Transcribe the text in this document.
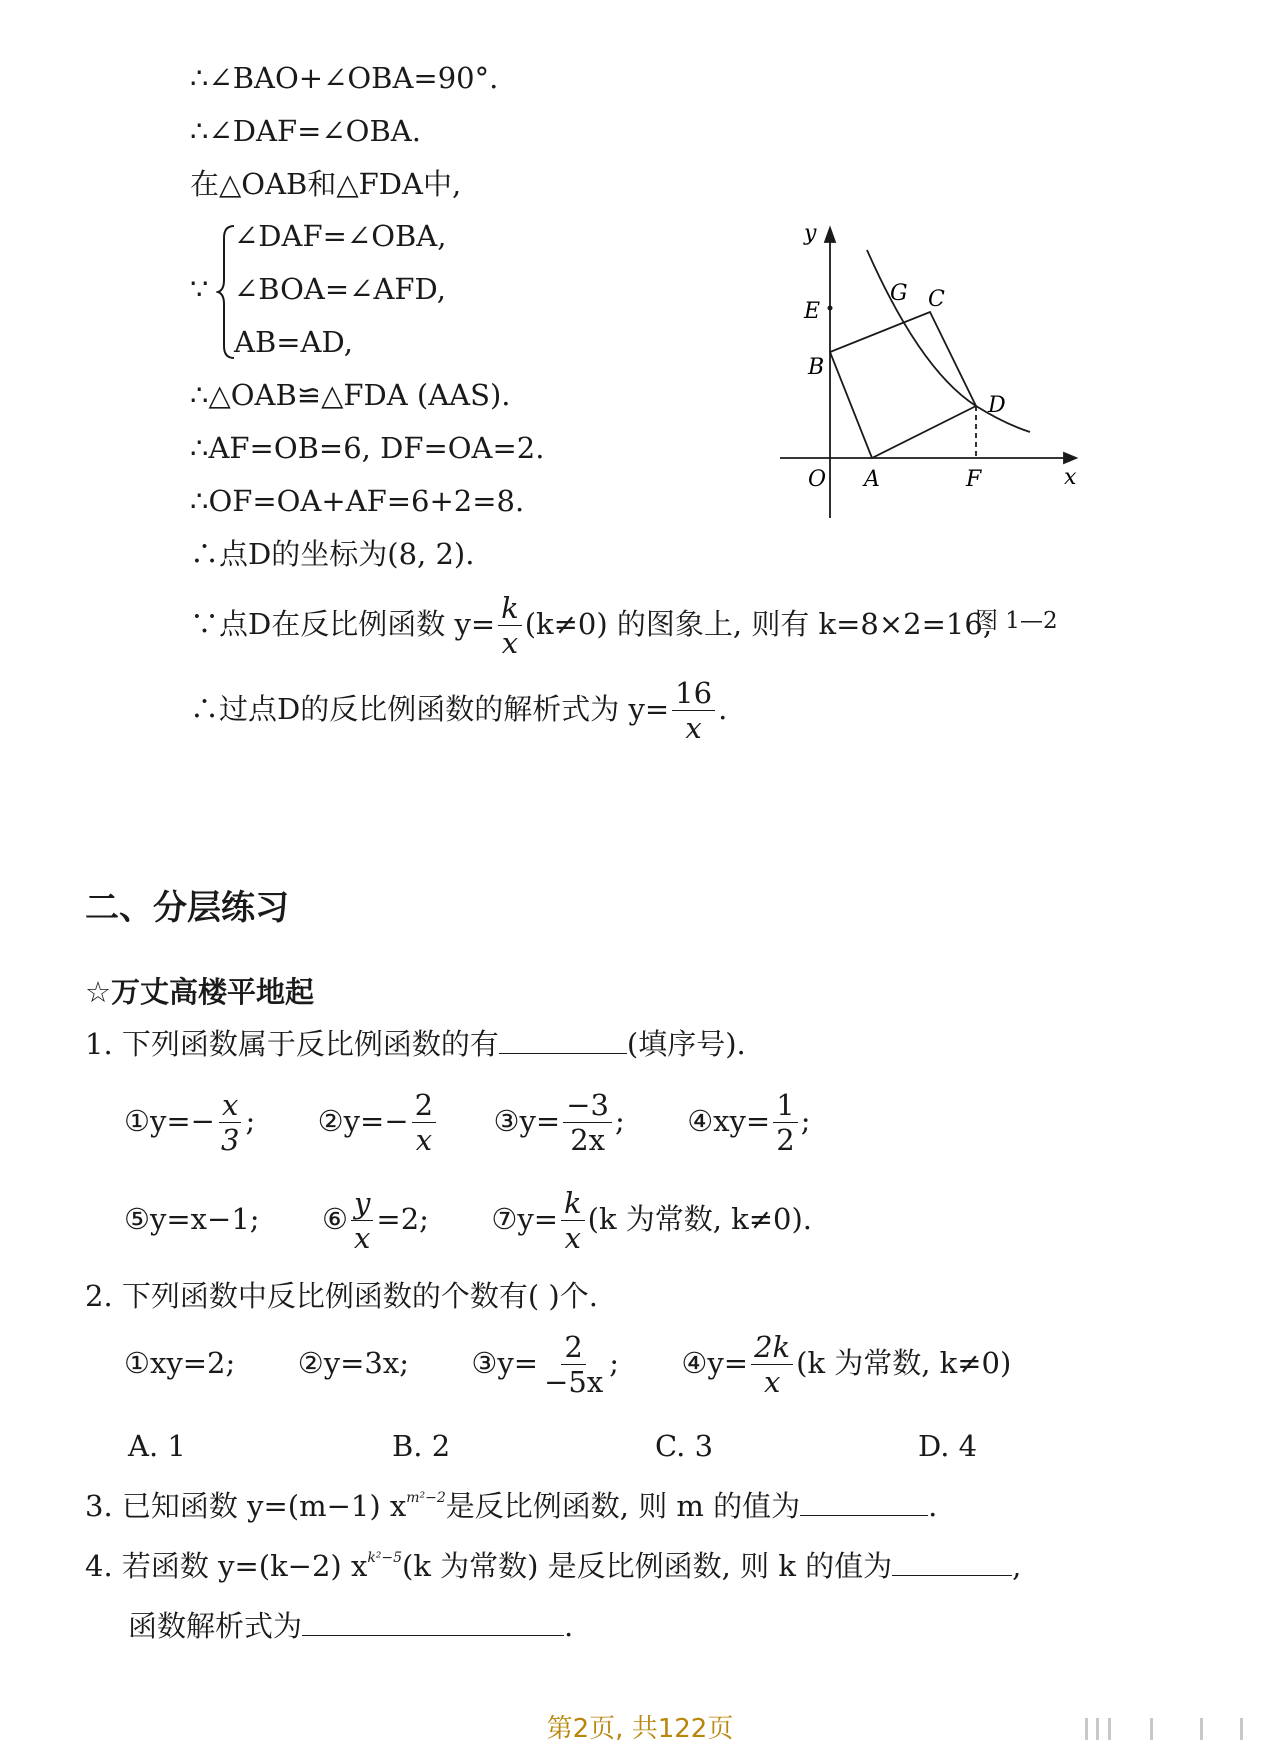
∴∠BAO+∠OBA=90°.
∴∠DAF=∠OBA.
在△OAB和△FDA中,
∵
∠DAF=∠OBA,
∠BOA=∠AFD,
AB=AD,
∴△OAB≌△FDA (AAS).
∴AF=OB=6, DF=OA=2.
∴OF=OA+AF=6+2=8.
∴点D的坐标为(8, 2).
∵点D在反比例函数 $y= \frac{k}{x} (k\ne 0)$ 的图象上, 则有 k=8×2=16,
∴过点D的反比例函数的解析式为 $y= \frac{16}{x}$ .
y
x
O A
B
C
D
E
F
G
图 1—2
二、分层练习
☆万丈高楼平地起
1. 下列函数属于反比例函数的有	(填序号).
①y=− $\frac{x}{3}$ ; ②y=− $\frac{2}{x}$ ③y= $\frac{-3}{2x}$ ; ④xy= $\frac{1}{2}$ ;
⑤y=x−1; ⑥ $\frac{y}{x} =2$; ⑦y= $\frac{k}{x} (k$ 为常数, k≠0).
2. 下列函数中反比例函数的个数有( )个.
①xy=2; ②y=3x; ③y= $\frac{2}{-5x}$ ; ④y= $\frac{2k}{x} (k$ 为常数, k≠0)
A. 1	B. 2	C. 3	D. 4
3. 已知函数 y=(m−1) $x^{m^2-2}$是反比例函数, 则 m 的值为	.
4. 若函数 y=(k−2) $x^{k^2-5}(k$ 为常数) 是反比例函数, 则 k 的值为	,
函数解析式为	.
第2页, 共122页
